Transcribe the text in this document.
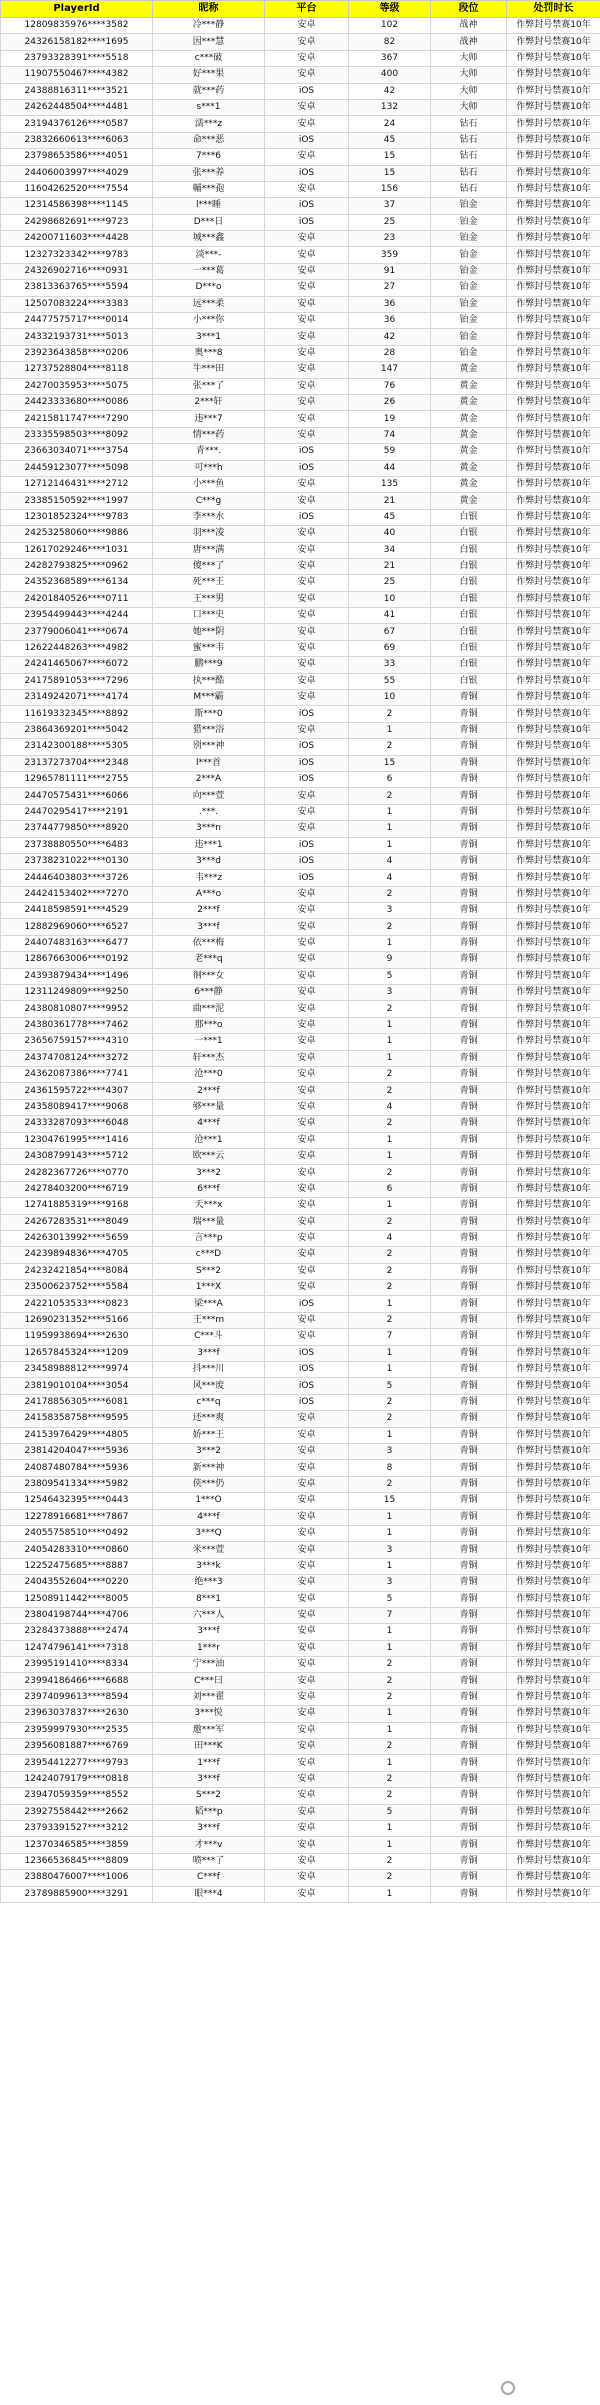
PlayerId	昵称	平台	等级	段位	处罚时长
12809835976****3582	冷***静	安卓	102	战神	作弊封号禁赛10年
24326158182****1695	因***慧	安卓	82	战神	作弊封号禁赛10年
23793328391****5518	c***破	安卓	367	大师	作弊封号禁赛10年
11907550467****4382	好***果	安卓	400	大师	作弊封号禁赛10年
24388816311****3521	就***药	iOS	42	大师	作弊封号禁赛10年
24262448504****4481	s***1	安卓	132	大师	作弊封号禁赛10年
23194376126****0587	濡***z	安卓	24	钻石	作弊封号禁赛10年
23832660613****6063	命***恶	iOS	45	钻石	作弊封号禁赛10年
23798653586****4051	7***6	安卓	15	钻石	作弊封号禁赛10年
24406003997****4029	张***养	iOS	15	钻石	作弊封号禁赛10年
11604262520****7554	輔***孢	安卓	156	钻石	作弊封号禁赛10年
12314586398****1145	l***睡	iOS	37	铂金	作弊封号禁赛10年
24298682691****9723	D***日	iOS	25	铂金	作弊封号禁赛10年
24200711603****4428	城***鑫	安卓	23	铂金	作弊封号禁赛10年
12327323342****9783	淡***-	安卓	359	铂金	作弊封号禁赛10年
24326902716****0931	一***葛	安卓	91	铂金	作弊封号禁赛10年
23813363765****5594	D***o	安卓	27	铂金	作弊封号禁赛10年
12507083224****3383	远***柔	安卓	36	铂金	作弊封号禁赛10年
24477575717****0014	小***你	安卓	36	铂金	作弊封号禁赛10年
24332193731****5013	3***1	安卓	42	铂金	作弊封号禁赛10年
23923643858****0206	奥***8	安卓	28	铂金	作弊封号禁赛10年
12737528804****8118	牛***田	安卓	147	黄金	作弊封号禁赛10年
24270035953****5075	张***了	安卓	76	黄金	作弊封号禁赛10年
24423333680****0086	2***轩	安卓	26	黄金	作弊封号禁赛10年
24215811747****7290	违***7	安卓	19	黄金	作弊封号禁赛10年
23335598503****8092	情***药	安卓	74	黄金	作弊封号禁赛10年
23663034071****3754	青***.	iOS	59	黄金	作弊封号禁赛10年
24459123077****5098	可***h	iOS	44	黄金	作弊封号禁赛10年
12712146431****2712	小***鱼	安卓	135	黄金	作弊封号禁赛10年
23385150592****1997	C***g	安卓	21	黄金	作弊封号禁赛10年
12301852324****9783	李***水	iOS	45	白银	作弊封号禁赛10年
24253258060****9886	羽***凌	安卓	40	白银	作弊封号禁赛10年
12617029246****1031	唐***满	安卓	34	白银	作弊封号禁赛10年
24282793825****0962	傻***了	安卓	21	白银	作弊封号禁赛10年
24352368589****6134	死***王	安卓	25	白银	作弊封号禁赛10年
24201840526****0711	王***男	安卓	10	白银	作弊封号禁赛10年
23954499443****4244	口***史	安卓	41	白银	作弊封号禁赛10年
23779006041****0674	她***阴	安卓	67	白银	作弊封号禁赛10年
12622448263****4982	蜜***韦	安卓	69	白银	作弊封号禁赛10年
24241465067****6072	鹏***9	安卓	33	白银	作弊封号禁赛10年
24175891053****7296	执***酷	安卓	55	白银	作弊封号禁赛10年
23149242071****4174	M***霸	安卓	10	青铜	作弊封号禁赛10年
11619332345****8892	斯***0	iOS	2	青铜	作弊封号禁赛10年
23864369201****5042	猎***浴	安卓	1	青铜	作弊封号禁赛10年
23142300188****5305	别***神	iOS	2	青铜	作弊封号禁赛10年
23137273704****2348	l***首	iOS	15	青铜	作弊封号禁赛10年
12965781111****2755	2***A	iOS	6	青铜	作弊封号禁赛10年
24470575431****6066	向***萱	安卓	2	青铜	作弊封号禁赛10年
24470295417****2191	.***.	安卓	1	青铜	作弊封号禁赛10年
23744779850****8920	3***n	安卓	1	青铜	作弊封号禁赛10年
23738880550****6483	违***1	iOS	1	青铜	作弊封号禁赛10年
23738231022****0130	3***d	iOS	4	青铜	作弊封号禁赛10年
24446403803****3726	韦***z	iOS	4	青铜	作弊封号禁赛10年
24424153402****7270	A***o	安卓	2	青铜	作弊封号禁赛10年
24418598591****4529	2***f	安卓	3	青铜	作弊封号禁赛10年
12882969060****6527	3***f	安卓	2	青铜	作弊封号禁赛10年
24407483163****6477	依***梅	安卓	1	青铜	作弊封号禁赛10年
12867663006****0192	老***q	安卓	9	青铜	作弊封号禁赛10年
24393879434****1496	徊***女	安卓	5	青铜	作弊封号禁赛10年
12311249809****9250	6***静	安卓	3	青铜	作弊封号禁赛10年
24380810807****9952	曲***泥	安卓	2	青铜	作弊封号禁赛10年
24380361778****7462	那***o	安卓	1	青铜	作弊封号禁赛10年
23656759157****4310	一***1	安卓	1	青铜	作弊封号禁赛10年
24374708124****3272	轩***杰	安卓	1	青铜	作弊封号禁赛10年
24362087386****7741	沧***0	安卓	2	青铜	作弊封号禁赛10年
24361595722****4307	2***f	安卓	2	青铜	作弊封号禁赛10年
24358089417****9068	够***量	安卓	4	青铜	作弊封号禁赛10年
24333287093****6048	4***f	安卓	2	青铜	作弊封号禁赛10年
12304761995****1416	沧***1	安卓	1	青铜	作弊封号禁赛10年
24308799143****5712	欧***云	安卓	1	青铜	作弊封号禁赛10年
24282367726****0770	3***2	安卓	2	青铜	作弊封号禁赛10年
24278403200****6719	6***f	安卓	6	青铜	作弊封号禁赛10年
12741885319****9168	天***x	安卓	1	青铜	作弊封号禁赛10年
24267283531****8049	瑞***量	安卓	2	青铜	作弊封号禁赛10年
24263013992****5659	言***p	安卓	4	青铜	作弊封号禁赛10年
24239894836****4705	c***D	安卓	2	青铜	作弊封号禁赛10年
24232421854****8084	S***2	安卓	2	青铜	作弊封号禁赛10年
23500623752****5584	1***X	安卓	2	青铜	作弊封号禁赛10年
24221053533****0823	梁***A	iOS	1	青铜	作弊封号禁赛10年
12690231352****5166	王***m	安卓	2	青铜	作弊封号禁赛10年
11959938694****2630	C***斗	安卓	7	青铜	作弊封号禁赛10年
12657845324****1209	3***f	iOS	1	青铜	作弊封号禁赛10年
23458988812****9974	抖***川	iOS	1	青铜	作弊封号禁赛10年
23819010104****3054	风***废	iOS	5	青铜	作弊封号禁赛10年
24178856305****6081	c***q	iOS	2	青铜	作弊封号禁赛10年
24158358758****9595	还***爽	安卓	2	青铜	作弊封号禁赛10年
24153976429****4805	娇***王	安卓	1	青铜	作弊封号禁赛10年
23814204047****5936	3***2	安卓	3	青铜	作弊封号禁赛10年
24087480784****5936	新***神	安卓	8	青铜	作弊封号禁赛10年
23809541334****5982	侠***仍	安卓	2	青铜	作弊封号禁赛10年
12546432395****0443	1***O	安卓	15	青铜	作弊封号禁赛10年
12278916681****7867	4***f	安卓	1	青铜	作弊封号禁赛10年
24055758510****0492	3***Q	安卓	1	青铜	作弊封号禁赛10年
24054283310****0860	米***萱	安卓	3	青铜	作弊封号禁赛10年
12252475685****8887	3***k	安卓	1	青铜	作弊封号禁赛10年
24043552604****0220	绝***3	安卓	3	青铜	作弊封号禁赛10年
12508911442****8005	8***1	安卓	5	青铜	作弊封号禁赛10年
23804198744****4706	六***人	安卓	7	青铜	作弊封号禁赛10年
23284373888****2474	3***f	安卓	1	青铜	作弊封号禁赛10年
12474796141****7318	1***r	安卓	1	青铜	作弊封号禁赛10年
23995191410****8334	宁***油	安卓	2	青铜	作弊封号禁赛10年
23994186466****6688	C***曰	安卓	2	青铜	作弊封号禁赛10年
23974099613****8594	刘***翟	安卓	2	青铜	作弊封号禁赛10年
23963037837****2630	3***悦	安卓	1	青铜	作弊封号禁赛10年
23959997930****2535	邀***军	安卓	1	青铜	作弊封号禁赛10年
23956081887****6769	田***K	安卓	2	青铜	作弊封号禁赛10年
23954412277****9793	1***f	安卓	1	青铜	作弊封号禁赛10年
12424079179****0818	3***f	安卓	2	青铜	作弊封号禁赛10年
23947059359****8552	S***2	安卓	2	青铜	作弊封号禁赛10年
23927558442****2662	韬***p	安卓	5	青铜	作弊封号禁赛10年
23793391527****3212	3***f	安卓	1	青铜	作弊封号禁赛10年
12370346585****3859	才***v	安卓	1	青铜	作弊封号禁赛10年
12366536845****8809	喷***了	安卓	2	青铜	作弊封号禁赛10年
23880476007****1006	C***f	安卓	2	青铜	作弊封号禁赛10年
23789885900****3291	眼***4	安卓	1	青铜	作弊封号禁赛10年
